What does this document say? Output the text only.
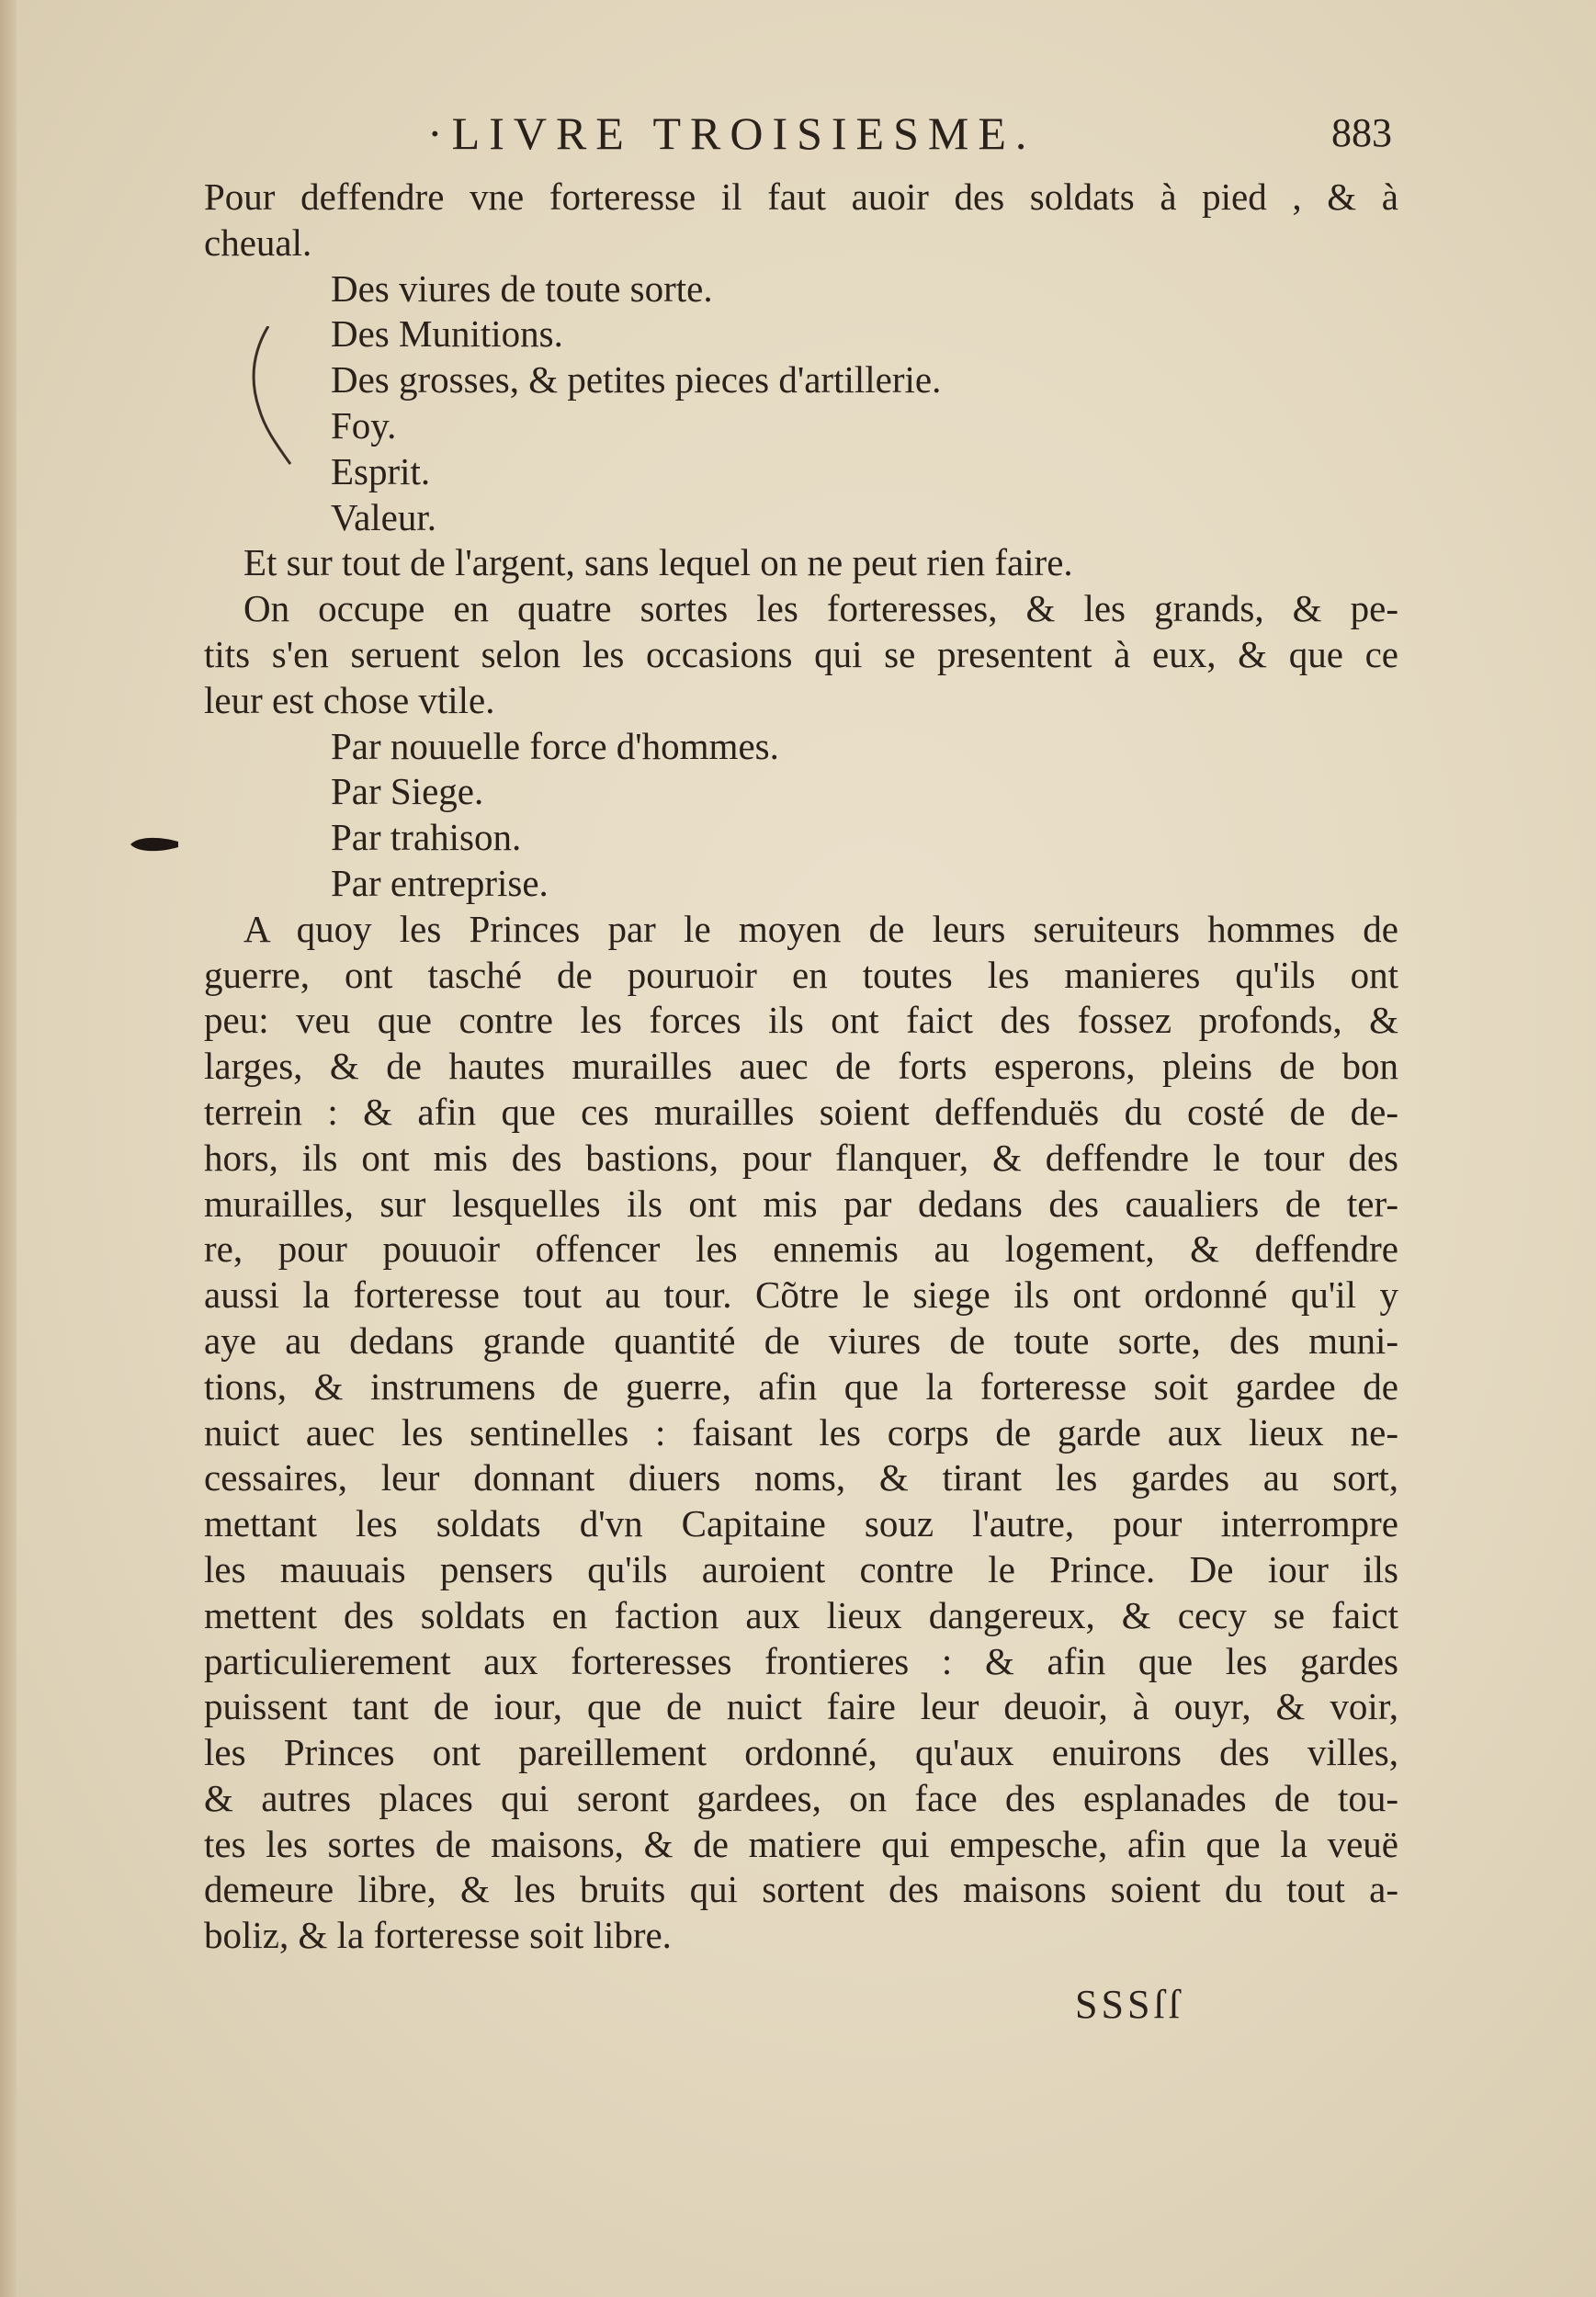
·LIVRE TROISIESME.	883
Pour deffendre vne forteresse il faut auoir des soldats à pied , & à
cheual.
Des viures de toute sorte.
Des Munitions.
Des grosses, & petites pieces d'artillerie.
Foy.
Esprit.
Valeur.
Et sur tout de l'argent, sans lequel on ne peut rien faire.
On occupe en quatre sortes les forteresses, & les grands, & pe-
tits s'en seruent selon les occasions qui se presentent à eux, & que ce
leur est chose vtile.
Par nouuelle force d'hommes.
Par Siege.
Par trahison.
Par entreprise.
A quoy les Princes par le moyen de leurs seruiteurs hommes de
guerre, ont tasché de pouruoir en toutes les manieres qu'ils ont
peu: veu que contre les forces ils ont faict des fossez profonds, &
larges, & de hautes murailles auec de forts esperons, pleins de bon
terrein : & afin que ces murailles soient deffenduës du costé de de-
hors, ils ont mis des bastions, pour flanquer, & deffendre le tour des
murailles, sur lesquelles ils ont mis par dedans des caualiers de ter-
re, pour pouuoir offencer les ennemis au logement, & deffendre
aussi la forteresse tout au tour. Cõtre le siege ils ont ordonné qu'il y
aye au dedans grande quantité de viures de toute sorte, des muni-
tions, & instrumens de guerre, afin que la forteresse soit gardee de
nuict auec les sentinelles : faisant les corps de garde aux lieux ne-
cessaires, leur donnant diuers noms, & tirant les gardes au sort,
mettant les soldats d'vn Capitaine souz l'autre, pour interrompre
les mauuais pensers qu'ils auroient contre le Prince. De iour ils
mettent des soldats en faction aux lieux dangereux, & cecy se faict
particulierement aux forteresses frontieres : & afin que les gardes
puissent tant de iour, que de nuict faire leur deuoir, à ouyr, & voir,
les Princes ont pareillement ordonné, qu'aux enuirons des villes,
& autres places qui seront gardees, on face des esplanades de tou-
tes les sortes de maisons, & de matiere qui empesche, afin que la veuë
demeure libre, & les bruits qui sortent des maisons soient du tout a-
boliz, & la forteresse soit libre.
SSSſſ
